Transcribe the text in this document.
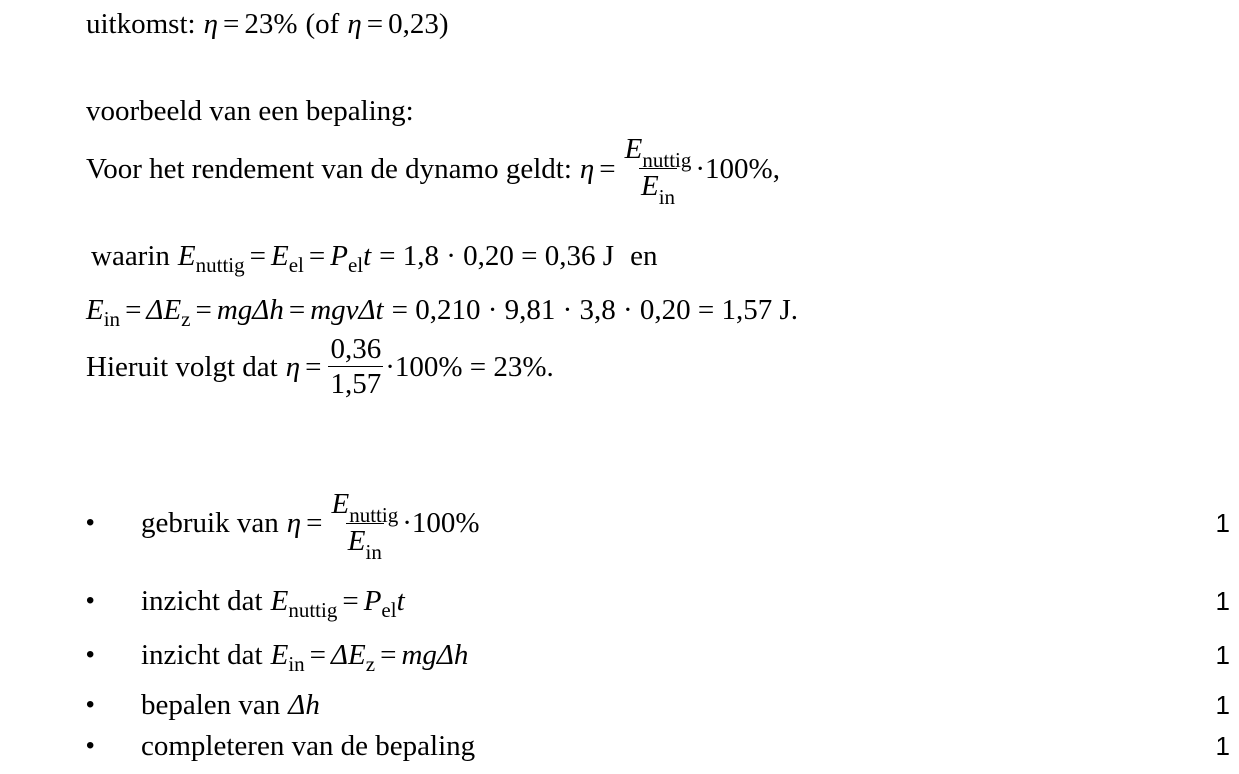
uitkomst: η = 23% (of η = 0,23)
voorbeeld van een bepaling:
Voor het rendement van de dynamo geldt: $\eta = \frac{E_{nuttig}}{E_{in}} \cdot 100\%$,
waarin E nuttig = E el = P el t = 1,8 · 0,20 = 0,36 J en
E in = ΔE z = mgΔh = mgvΔt = 0,210 · 9,81 · 3,8 · 0,20 = 1,57 J.
Hieruit volgt dat $\eta = \frac{0,36}{1,57} \cdot 100\% = 23\%$.
•	gebruik van $\eta = \frac{E_{nuttig}}{E_{in}} \cdot 100\%$	1
•	inzicht dat E nuttig = P el t	1
•	inzicht dat E in = ΔE z = mgΔh	1
•	bepalen van Δh	1
•	completeren van de bepaling	1
